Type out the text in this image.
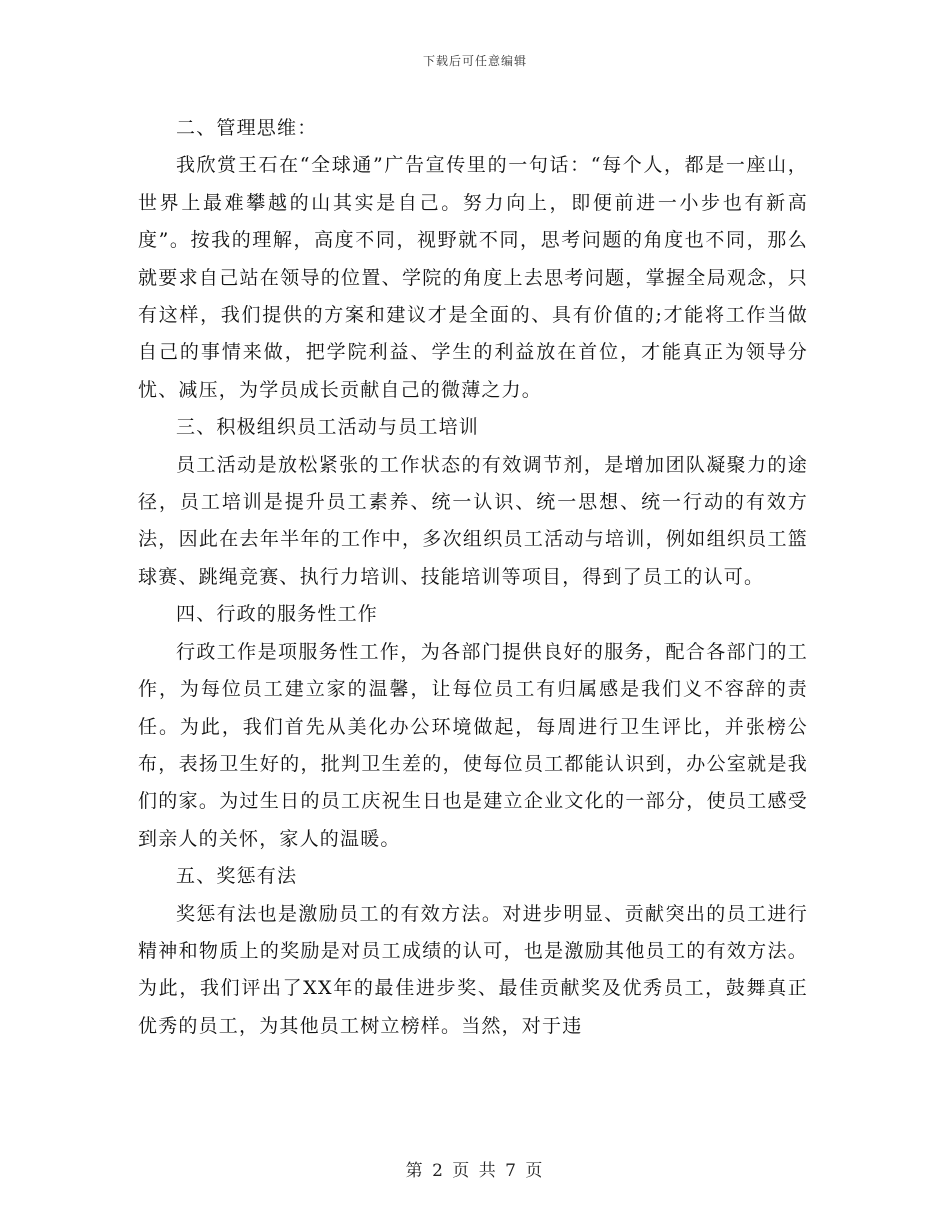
下载后可任意编辑

二、管理思维：

我欣赏王石在“全球通”广告宣传里的一句话：“每个人，都是一座山，世界上最难攀越的山其实是自己。努力向上，即便前进一小步也有新高度”。按我的理解，高度不同，视野就不同，思考问题的角度也不同，那么就要求自己站在领导的位置、学院的角度上去思考问题，掌握全局观念，只有这样，我们提供的方案和建议才是全面的、具有价值的;才能将工作当做自己的事情来做，把学院利益、学生的利益放在首位，才能真正为领导分忧、减压，为学员成长贡献自己的微薄之力。

三、积极组织员工活动与员工培训

员工活动是放松紧张的工作状态的有效调节剂，是增加团队凝聚力的途径，员工培训是提升员工素养、统一认识、统一思想、统一行动的有效方法，因此在去年半年的工作中，多次组织员工活动与培训，例如组织员工篮球赛、跳绳竞赛、执行力培训、技能培训等项目，得到了员工的认可。

四、行政的服务性工作

行政工作是项服务性工作，为各部门提供良好的服务，配合各部门的工作，为每位员工建立家的温馨，让每位员工有归属感是我们义不容辞的责任。为此，我们首先从美化办公环境做起，每周进行卫生评比，并张榜公布，表扬卫生好的，批判卫生差的，使每位员工都能认识到，办公室就是我们的家。为过生日的员工庆祝生日也是建立企业文化的一部分，使员工感受到亲人的关怀，家人的温暖。

五、奖惩有法

奖惩有法也是激励员工的有效方法。对进步明显、贡献突出的员工进行精神和物质上的奖励是对员工成绩的认可，也是激励其他员工的有效方法。为此，我们评出了XX年的最佳进步奖、最佳贡献奖及优秀员工，鼓舞真正优秀的员工，为其他员工树立榜样。当然，对于违

第 2 页 共 7 页
